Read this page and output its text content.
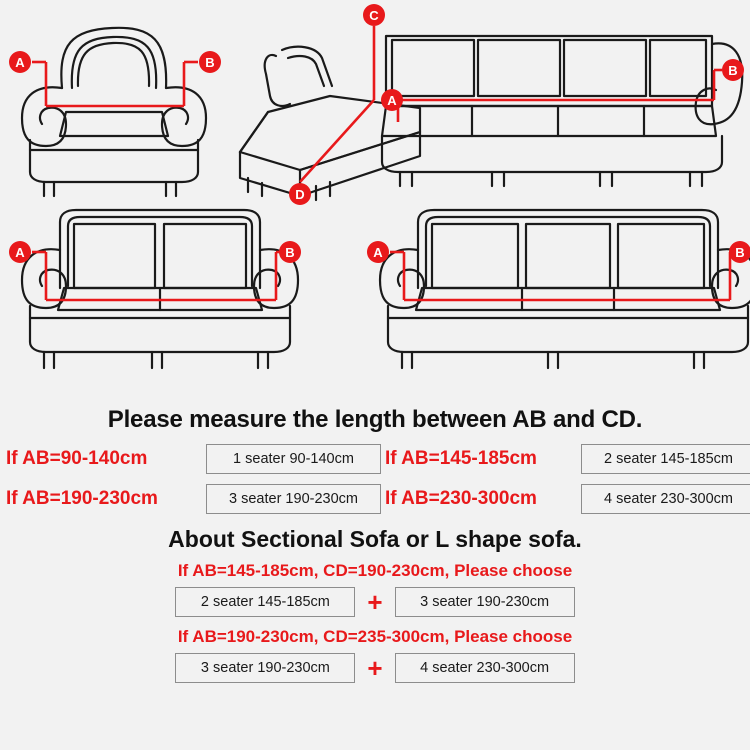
A	B
C
D
A
B
A	B	A	B
Please measure the length between AB and CD.
If AB=90-140cm	1 seater 90-140cm	If AB=145-185cm	2 seater 145-185cm
If AB=190-230cm	3 seater 190-230cm	If AB=230-300cm	4 seater 230-300cm
About Sectional Sofa or L shape sofa.
If AB=145-185cm, CD=190-230cm, Please choose
2 seater 145-185cm	+	3 seater 190-230cm
If AB=190-230cm, CD=235-300cm, Please choose
3 seater 190-230cm	+	4 seater 230-300cm
